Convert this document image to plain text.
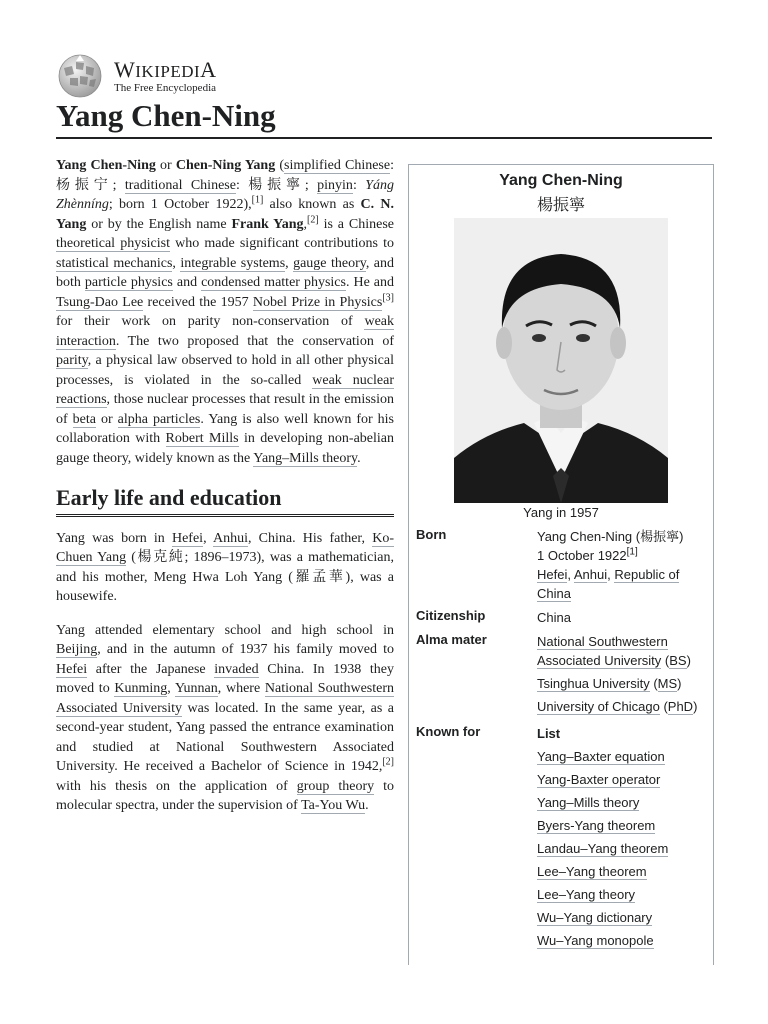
WIKIPEDIA
The Free Encyclopedia
Yang Chen-Ning

Yang Chen-Ning or Chen-Ning Yang (simplified Chinese: 杨振宁; traditional Chinese: 楊振寧; pinyin: Yáng Zhènníng; born 1 October 1922),[1] also known as C. N. Yang or by the English name Frank Yang,[2] is a Chinese theoretical physicist who made significant contributions to statistical mechanics, integrable systems, gauge theory, and both particle physics and condensed matter physics. He and Tsung-Dao Lee received the 1957 Nobel Prize in Physics[3] for their work on parity non-conservation of weak interaction. The two proposed that the conservation of parity, a physical law observed to hold in all other physical processes, is violated in the so-called weak nuclear reactions, those nuclear processes that result in the emission of beta or alpha particles. Yang is also well known for his collaboration with Robert Mills in developing non-abelian gauge theory, widely known as the Yang–Mills theory.

Early life and education

Yang was born in Hefei, Anhui, China. His father, Ko-Chuen Yang (楊克純; 1896–1973), was a mathematician, and his mother, Meng Hwa Loh Yang (羅孟華), was a housewife.

Yang attended elementary school and high school in Beijing, and in the autumn of 1937 his family moved to Hefei after the Japanese invaded China. In 1938 they moved to Kunming, Yunnan, where National Southwestern Associated University was located. In the same year, as a second-year student, Yang passed the entrance examination and studied at National Southwestern Associated University. He received a Bachelor of Science in 1942,[2] with his thesis on the application of group theory to molecular spectra, under the supervision of Ta-You Wu.

Yang Chen-Ning
楊振寧
Yang in 1957
Born	Yang Chen-Ning (楊振寧)
1 October 1922[1]
Hefei, Anhui, Republic of China
Citizenship	China
Alma mater	National Southwestern Associated University (BS)
Tsinghua University (MS)
University of Chicago (PhD)
Known for	List
Yang–Baxter equation
Yang-Baxter operator
Yang–Mills theory
Byers-Yang theorem
Landau–Yang theorem
Lee–Yang theorem
Lee–Yang theory
Wu–Yang dictionary
Wu–Yang monopole
